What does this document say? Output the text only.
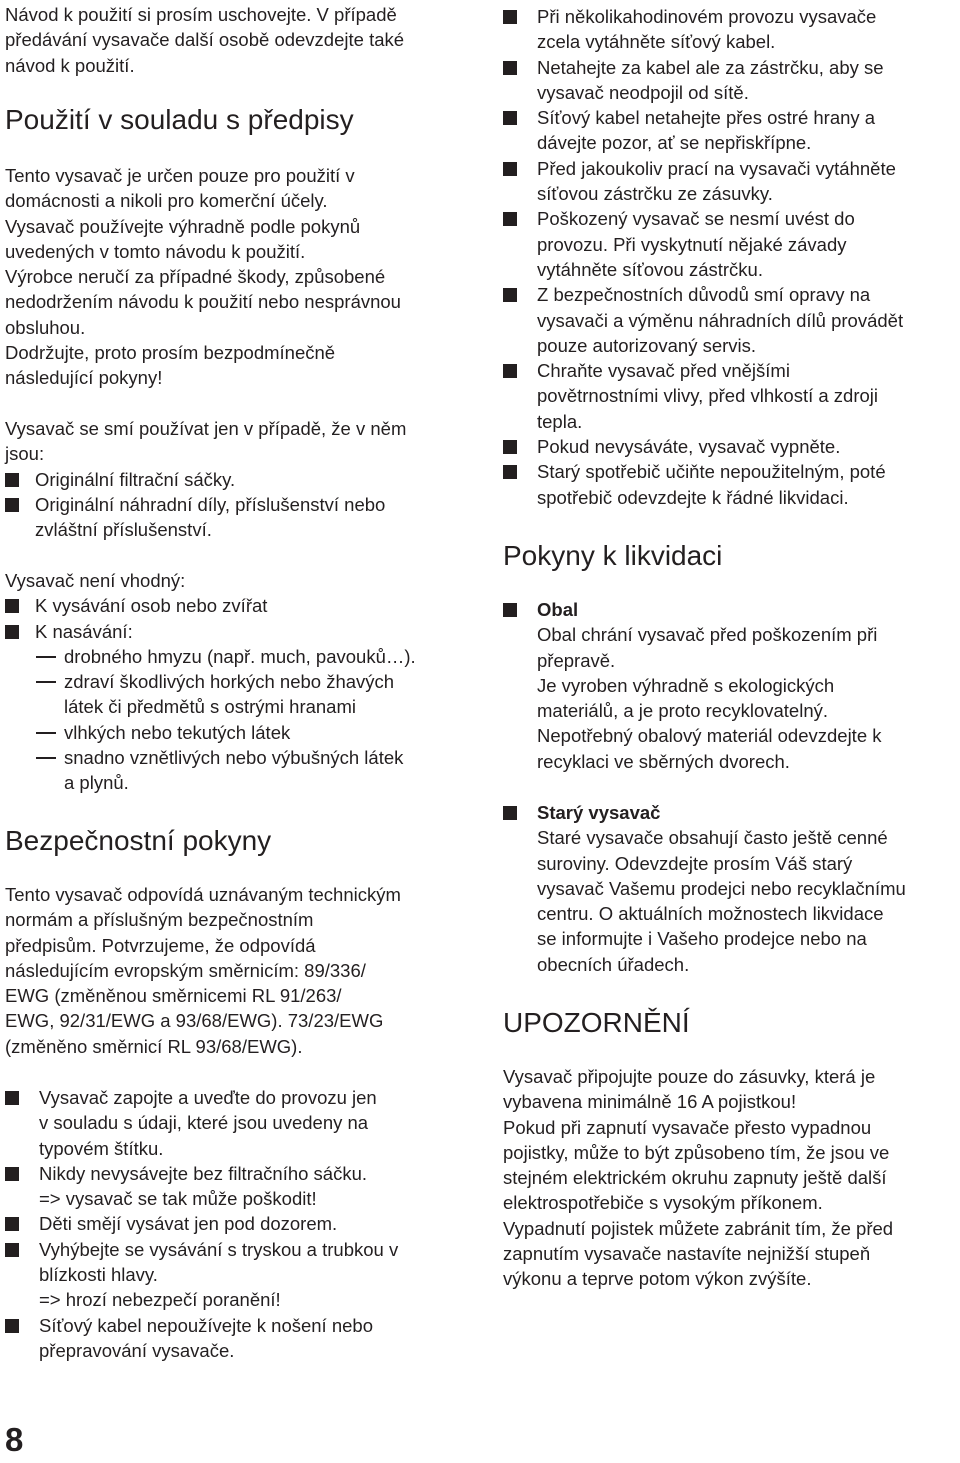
Návod k použití si prosím uschovejte. V případě
předávání vysavače další osobě odevzdejte také
návod k použití.

Použití v souladu s předpisy

Tento vysavač je určen pouze pro použití v
domácnosti a nikoli pro komerční účely.
Vysavač používejte výhradně podle pokynů
uvedených v tomto návodu k použití.
Výrobce neručí za případné škody, způsobené
nedodržením návodu k použití nebo nesprávnou
obsluhou.
Dodržujte, proto prosím bezpodmínečně
následující pokyny!

Vysavač se smí používat jen v případě, že v něm
jsou:

Originální filtrační sáčky.
Originální náhradní díly, příslušenství nebo
zvláštní příslušenství.

Vysavač není vhodný:

K vysávání osob nebo zvířat
K nasávání:
drobného hmyzu (např. much, pavouků…).
zdraví škodlivých horkých nebo žhavých
látek či předmětů s ostrými hranami
vlhkých nebo tekutých látek
snadno vznětlivých nebo výbušných látek
a plynů.
Bezpečnostní pokyny

Tento vysavač odpovídá uznávaným technickým
normám a příslušným bezpečnostním
předpisům. Potvrzujeme, že odpovídá
následujícím evropským směrnicím: 89/336/
EWG (změněnou směrnicemi RL 91/263/
EWG, 92/31/EWG a 93/68/EWG). 73/23/EWG
(změněno směrnicí RL 93/68/EWG).

Vysavač zapojte a uveďte do provozu jen
v souladu s údaji, které jsou uvedeny na
typovém štítku.
Nikdy nevysávejte bez filtračního sáčku.
=> vysavač se tak může poškodit!
Děti smějí vysávat jen pod dozorem.
Vyhýbejte se vysávání s tryskou a trubkou v
blízkosti hlavy.
=> hrozí nebezpečí poranění!
Síťový kabel nepoužívejte k nošení nebo
přepravování vysavače.
8
Při několikahodinovém provozu vysavače
zcela vytáhněte síťový kabel.
Netahejte za kabel ale za zástrčku, aby se
vysavač neodpojil od sítě.
Síťový kabel netahejte přes ostré hrany a
dávejte pozor, ať se nepřiskřípne.
Před jakoukoliv prací na vysavači vytáhněte
síťovou zástrčku ze zásuvky.
Poškozený vysavač se nesmí uvést do
provozu. Při vyskytnutí nějaké závady
vytáhněte síťovou zástrčku.
Z bezpečnostních důvodů smí opravy na
vysavači a výměnu náhradních dílů provádět
pouze autorizovaný servis.
Chraňte vysavač před vnějšími
povětrnostními vlivy, před vlhkostí a zdroji
tepla.
Pokud nevysáváte, vysavač vypněte.
Starý spotřebič učiňte nepoužitelným, poté
spotřebič odevzdejte k řádné likvidaci.
Pokyny k likvidaci
Obal
Obal chrání vysavač před poškozením při
přepravě.
Je vyroben výhradně s ekologických
materiálů, a je proto recyklovatelný.
Nepotřebný obalový materiál odevzdejte k
recyklaci ve sběrných dvorech.
Starý vysavač
Staré vysavače obsahují často ještě cenné
suroviny. Odevzdejte prosím Váš starý
vysavač Vašemu prodejci nebo recyklačnímu
centru. O aktuálních možnostech likvidace
se informujte i Vašeho prodejce nebo na
obecních úřadech.
UPOZORNĚNÍ

Vysavač připojujte pouze do zásuvky, která je
vybavena minimálně 16 A pojistkou!
Pokud při zapnutí vysavače přesto vypadnou
pojistky, může to být způsobeno tím, že jsou ve
stejném elektrickém okruhu zapnuty ještě další
elektrospotřebiče s vysokým příkonem.
Vypadnutí pojistek můžete zabránit tím, že před
zapnutím vysavače nastavíte nejnižší stupeň
výkonu a teprve potom výkon zvýšíte.
